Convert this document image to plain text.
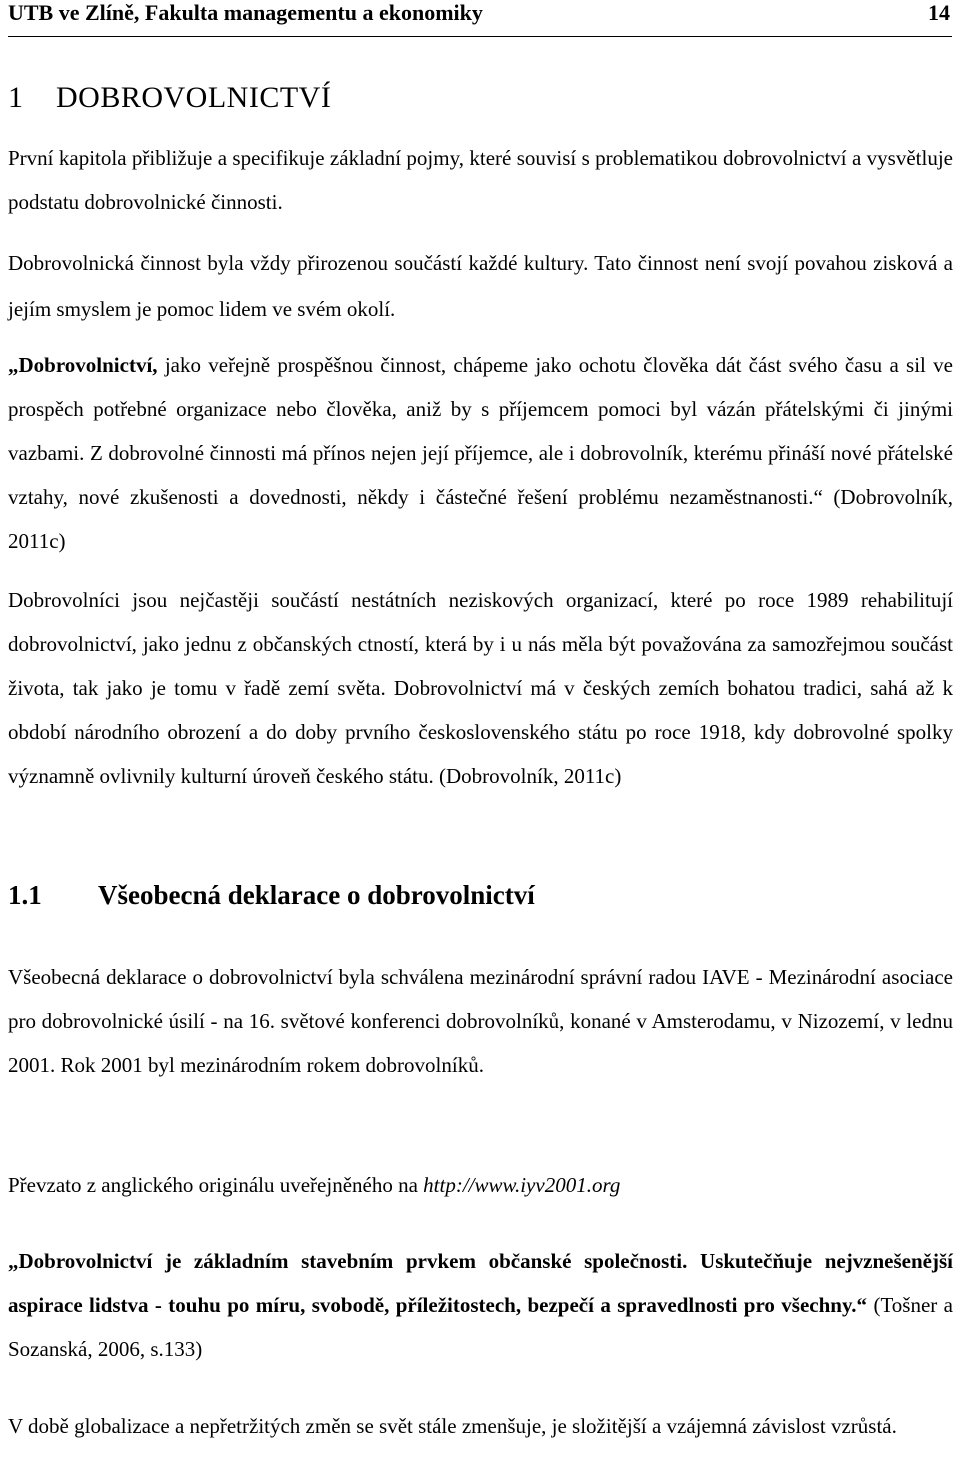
UTB ve Zlíně, Fakulta managementu a ekonomiky	14
1 DOBROVOLNICTVÍ

První kapitola přibližuje a specifikuje základní pojmy, které souvisí s problematikou dobrovolnictví a vysvětluje podstatu dobrovolnické činnosti.

Dobrovolnická činnost byla vždy přirozenou součástí každé kultury. Tato činnost není svojí povahou zisková a jejím smyslem je pomoc lidem ve svém okolí.

„Dobrovolnictví, jako veřejně prospěšnou činnost, chápeme jako ochotu člověka dát část svého času a sil ve prospěch potřebné organizace nebo člověka, aniž by s příjemcem pomoci byl vázán přátelskými či jinými vazbami. Z dobrovolné činnosti má přínos nejen její příjemce, ale i dobrovolník, kterému přináší nové přátelské vztahy, nové zkušenosti a dovednosti, někdy i částečné řešení problému nezaměstnanosti.“ (Dobrovolník, 2011c)

Dobrovolníci jsou nejčastěji součástí nestátních neziskových organizací, které po roce 1989 rehabilitují dobrovolnictví, jako jednu z občanských ctností, která by i u nás měla být považována za samozřejmou součást života, tak jako je tomu v řadě zemí světa. Dobrovolnictví má v českých zemích bohatou tradici, sahá až k období národního obrození a do doby prvního československého státu po roce 1918, kdy dobrovolné spolky významně ovlivnily kulturní úroveň českého státu. (Dobrovolník, 2011c)

1.1 Všeobecná deklarace o dobrovolnictví

Všeobecná deklarace o dobrovolnictví byla schválena mezinárodní správní radou IAVE - Mezinárodní asociace pro dobrovolnické úsilí - na 16. světové konferenci dobrovolníků, konané v Amsterodamu, v Nizozemí, v lednu 2001. Rok 2001 byl mezinárodním rokem dobrovolníků.

Převzato z anglického originálu uveřejněného na http://www.iyv2001.org

„Dobrovolnictví je základním stavebním prvkem občanské společnosti. Uskutečňuje nejvznešenější aspirace lidstva - touhu po míru, svobodě, příležitostech, bezpečí a spravedlnosti pro všechny.“ (Tošner a Sozanská, 2006, s.133)

V době globalizace a nepřetržitých změn se svět stále zmenšuje, je složitější a vzájemná závislost vzrůstá.
